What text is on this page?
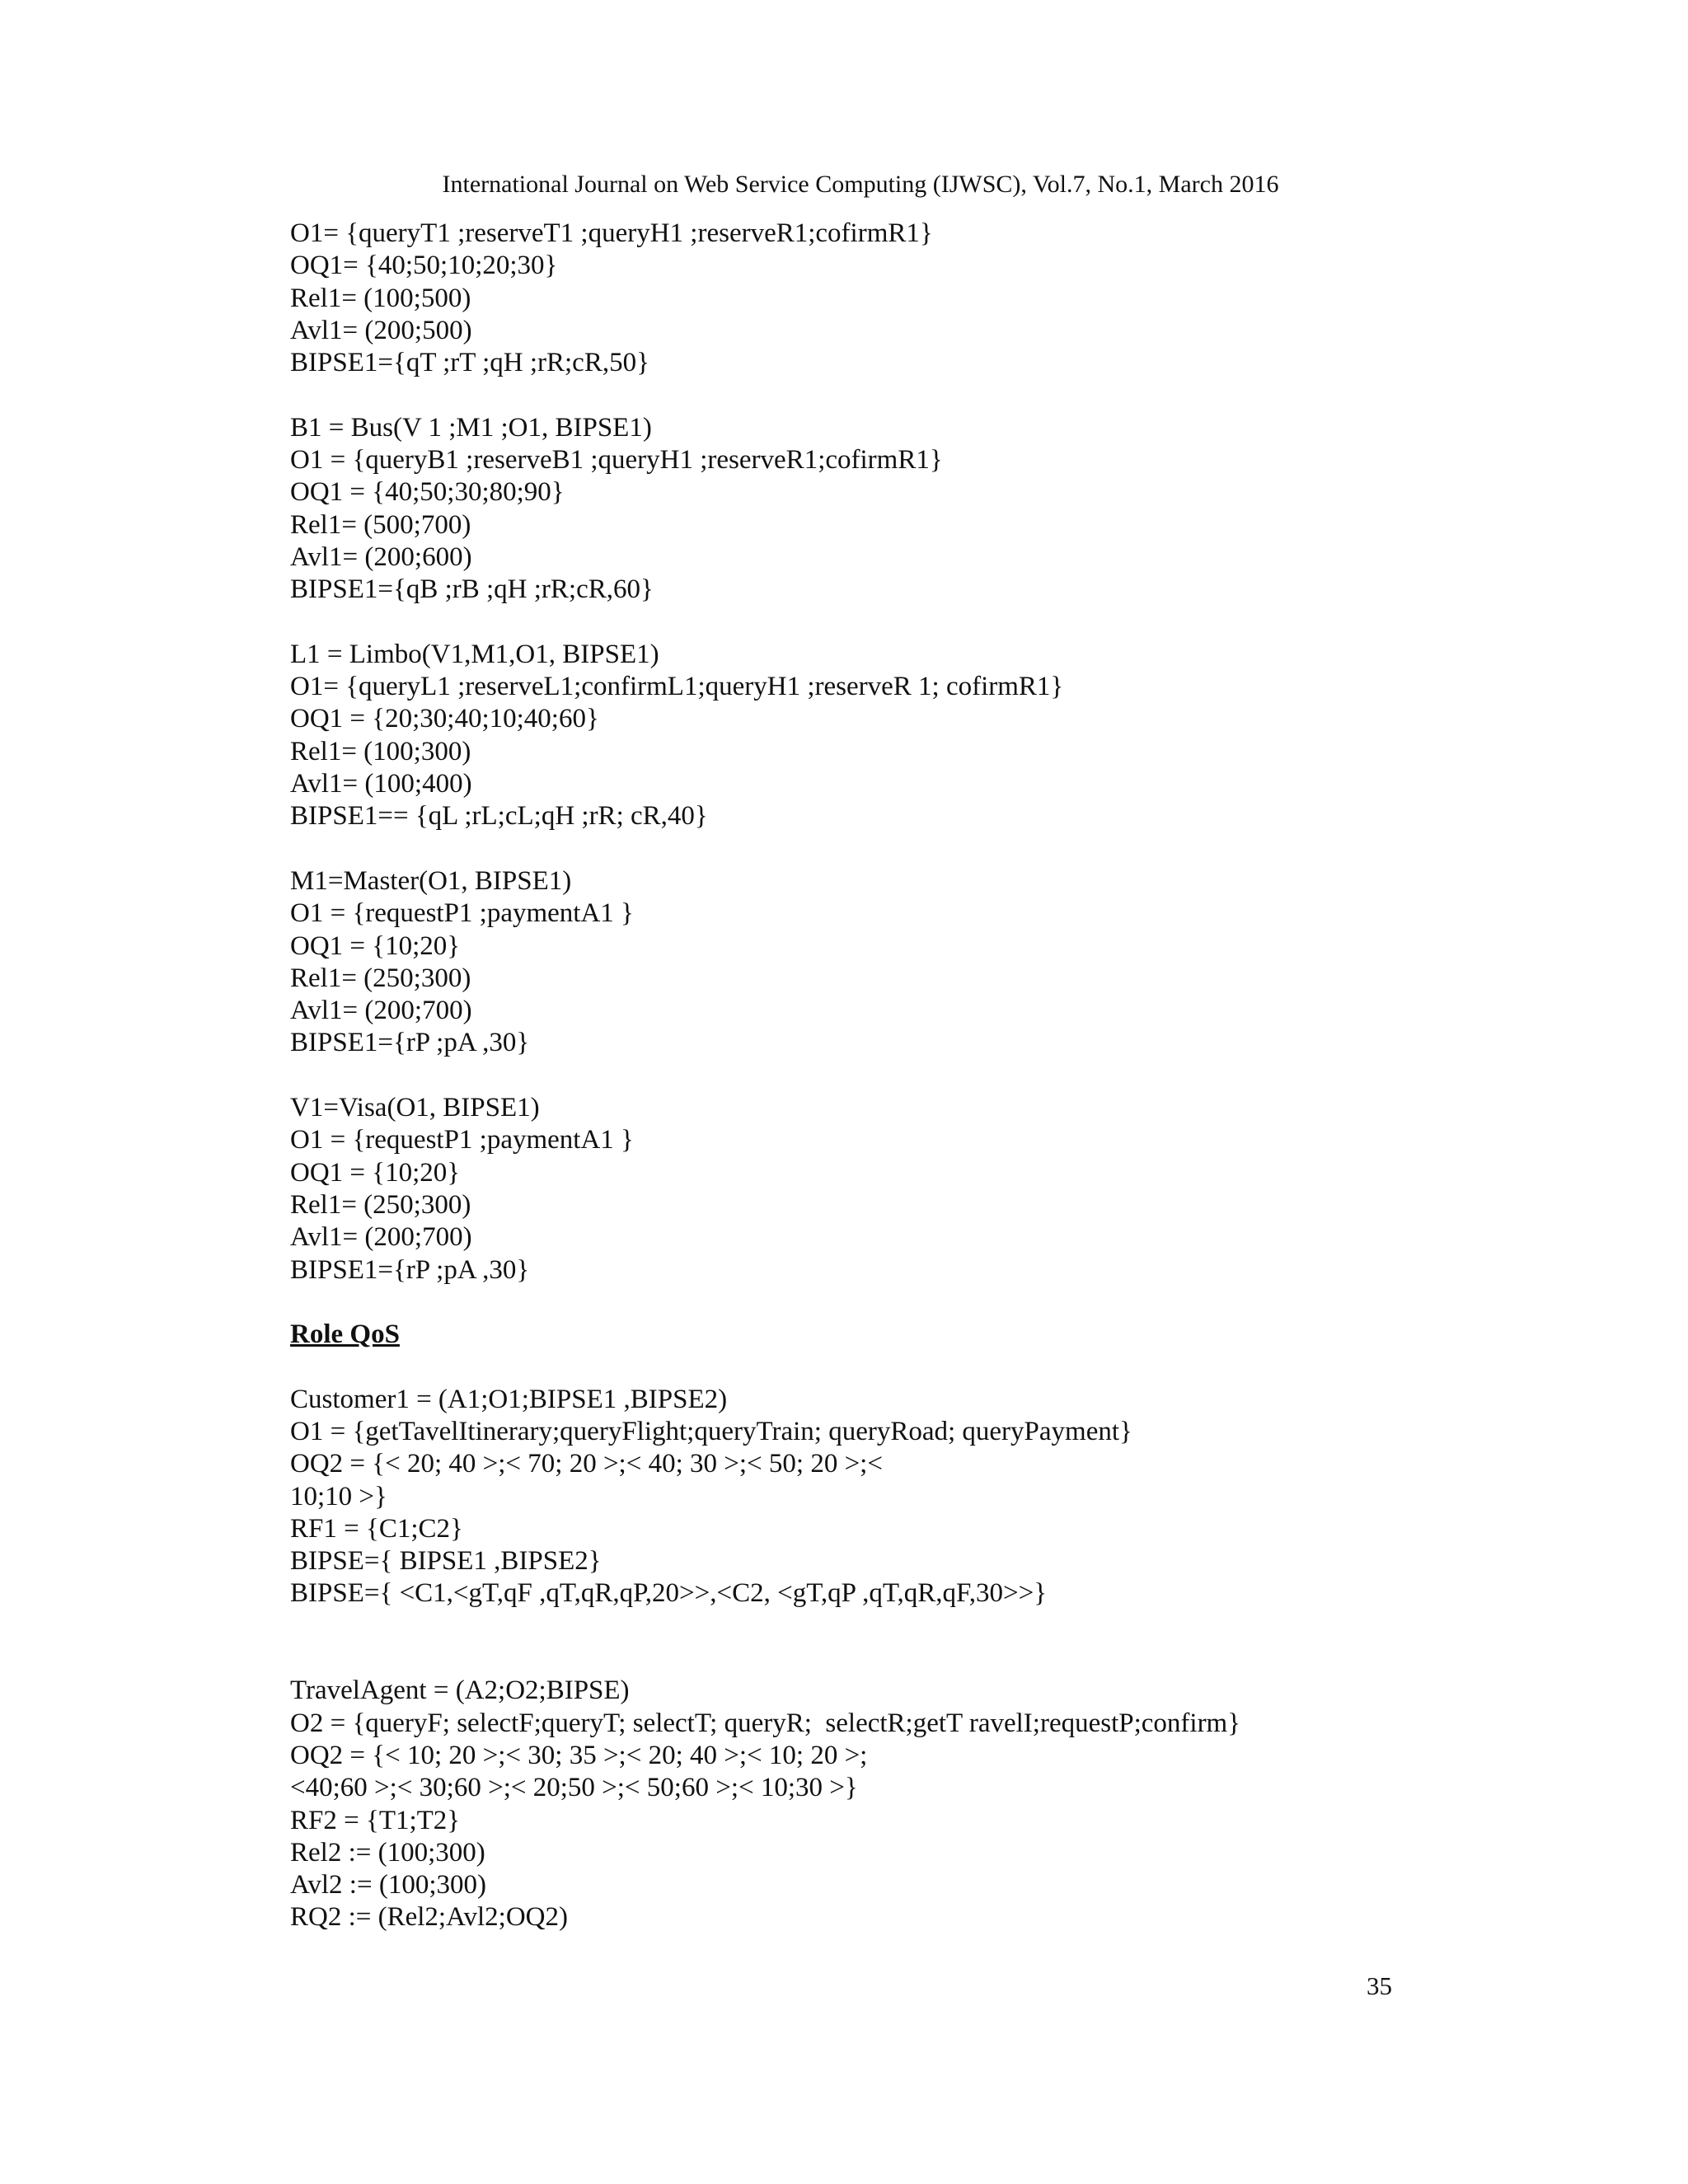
International Journal on Web Service Computing (IJWSC), Vol.7, No.1, March 2016
O1= {queryT1 ;reserveT1 ;queryH1 ;reserveR1;cofirmR1}
OQ1= {40;50;10;20;30}
Rel1= (100;500)
Avl1= (200;500)
BIPSE1={qT ;rT ;qH ;rR;cR,50}
B1 = Bus(V 1 ;M1 ;O1, BIPSE1)
O1 = {queryB1 ;reserveB1 ;queryH1 ;reserveR1;cofirmR1}
OQ1 = {40;50;30;80;90}
Rel1= (500;700)
Avl1= (200;600)
BIPSE1={qB ;rB ;qH ;rR;cR,60}
L1 = Limbo(V1,M1,O1, BIPSE1)
O1= {queryL1 ;reserveL1;confirmL1;queryH1 ;reserveR 1; cofirmR1}
OQ1 = {20;30;40;10;40;60}
Rel1= (100;300)
Avl1= (100;400)
BIPSE1== {qL ;rL;cL;qH ;rR; cR,40}
M1=Master(O1, BIPSE1)
O1 = {requestP1 ;paymentA1 }
OQ1 = {10;20}
Rel1= (250;300)
Avl1= (200;700)
BIPSE1={rP ;pA ,30}
V1=Visa(O1, BIPSE1)
O1 = {requestP1 ;paymentA1 }
OQ1 = {10;20}
Rel1= (250;300)
Avl1= (200;700)
BIPSE1={rP ;pA ,30}
Role QoS
Customer1 = (A1;O1;BIPSE1 ,BIPSE2)
O1 = {getTavelItinerary;queryFlight;queryTrain; queryRoad; queryPayment}
OQ2 = {< 20; 40 >;< 70; 20 >;< 40; 30 >;< 50; 20 >;<
10;10 >}
RF1 = {C1;C2}
BIPSE={ BIPSE1 ,BIPSE2}
BIPSE={ <C1,<gT,qF ,qT,qR,qP,20>>,<C2, <gT,qP ,qT,qR,qF,30>>}
TravelAgent = (A2;O2;BIPSE)
O2 = {queryF; selectF;queryT; selectT; queryR;  selectR;getT ravelI;requestP;confirm}
OQ2 = {< 10; 20 >;< 30; 35 >;< 20; 40 >;< 10; 20 >;
<40;60 >;< 30;60 >;< 20;50 >;< 50;60 >;< 10;30 >}
RF2 = {T1;T2}
Rel2 := (100;300)
Avl2 := (100;300)
RQ2 := (Rel2;Avl2;OQ2)
35
